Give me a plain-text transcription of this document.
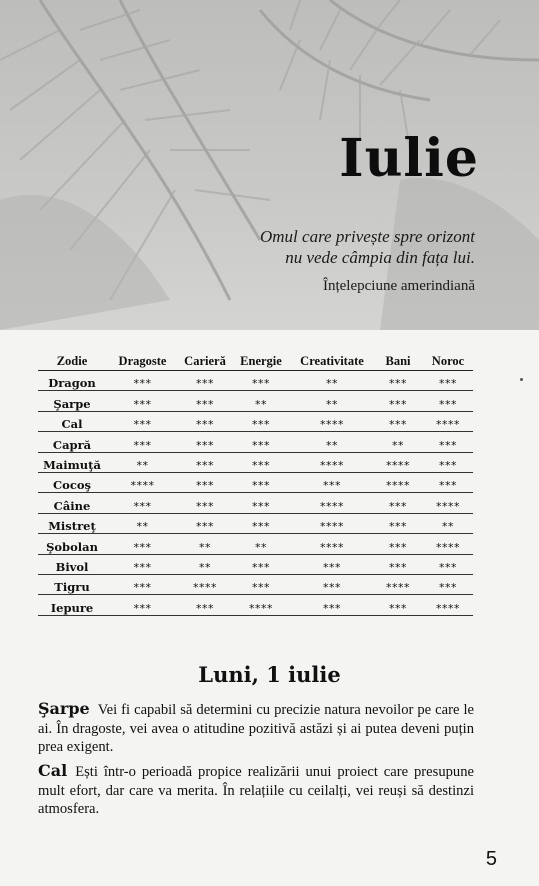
Iulie
Omul care privește spre orizont
nu vede câmpia din fața lui.
Înțelepciune amerindiană
Zodie	Dragoste	Carieră	Energie	Creativitate	Bani	Noroc
Dragon	***	***	***	**	***	***
Şarpe	***	***	**	**	***	***
Cal	***	***	***	****	***	****
Capră	***	***	***	**	**	***
Maimuţă	**	***	***	****	****	***
Cocoş	****	***	***	***	****	***
Câine	***	***	***	****	***	****
Mistreţ	**	***	***	****	***	**
Şobolan	***	**	**	****	***	****
Bivol	***	**	***	***	***	***
Tigru	***	****	***	***	****	***
Iepure	***	***	****	***	***	****
Luni, 1 iulie
Şarpe Vei fi capabil să determini cu precizie natura nevoilor pe care le ai. În dragoste, vei avea o atitudine pozitivă astăzi și ai putea deveni puțin prea exigent.
Cal Ești într-o perioadă propice realizării unui proiect care presupune mult efort, dar care va merita. În relațiile cu ceilalți, vei reuși să destinzi atmosfera.
5
